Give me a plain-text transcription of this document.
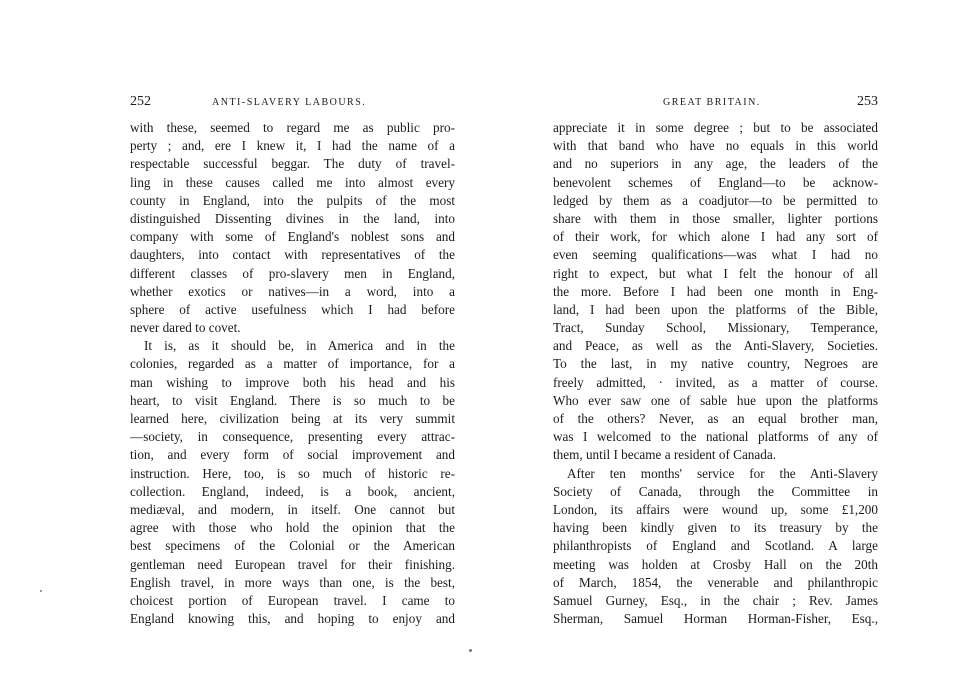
252	ANTI-SLAVERY LABOURS.
with these, seemed to regard me as public pro-
perty ; and, ere I knew it, I had the name of a
respectable successful beggar. The duty of travel-
ling in these causes called me into almost every
county in England, into the pulpits of the most
distinguished Dissenting divines in the land, into
company with some of England's noblest sons and
daughters, into contact with representatives of the
different classes of pro-slavery men in England,
whether exotics or natives—in a word, into a
sphere of active usefulness which I had before
never dared to covet.
It is, as it should be, in America and in the
colonies, regarded as a matter of importance, for a
man wishing to improve both his head and his
heart, to visit England. There is so much to be
learned here, civilization being at its very summit
—society, in consequence, presenting every attrac-
tion, and every form of social improvement and
instruction. Here, too, is so much of historic re-
collection. England, indeed, is a book, ancient,
mediæval, and modern, in itself. One cannot but
agree with those who hold the opinion that the
best specimens of the Colonial or the American
gentleman need European travel for their finishing.
English travel, in more ways than one, is the best,
choicest portion of European travel. I came to
England knowing this, and hoping to enjoy and
GREAT BRITAIN.	253
appreciate it in some degree ; but to be associated
with that band who have no equals in this world
and no superiors in any age, the leaders of the
benevolent schemes of England—to be acknow-
ledged by them as a coadjutor—to be permitted to
share with them in those smaller, lighter portions
of their work, for which alone I had any sort of
even seeming qualifications—was what I had no
right to expect, but what I felt the honour of all
the more. Before I had been one month in Eng-
land, I had been upon the platforms of the Bible,
Tract, Sunday School, Missionary, Temperance,
and Peace, as well as the Anti-Slavery, Societies.
To the last, in my native country, Negroes are
freely admitted, · invited, as a matter of course.
Who ever saw one of sable hue upon the platforms
of the others? Never, as an equal brother man,
was I welcomed to the national platforms of any of
them, until I became a resident of Canada.
After ten months' service for the Anti-Slavery
Society of Canada, through the Committee in
London, its affairs were wound up, some £1,200
having been kindly given to its treasury by the
philanthropists of England and Scotland. A large
meeting was holden at Crosby Hall on the 20th
of March, 1854, the venerable and philanthropic
Samuel Gurney, Esq., in the chair ; Rev. James
Sherman, Samuel Horman Horman-Fisher, Esq.,
